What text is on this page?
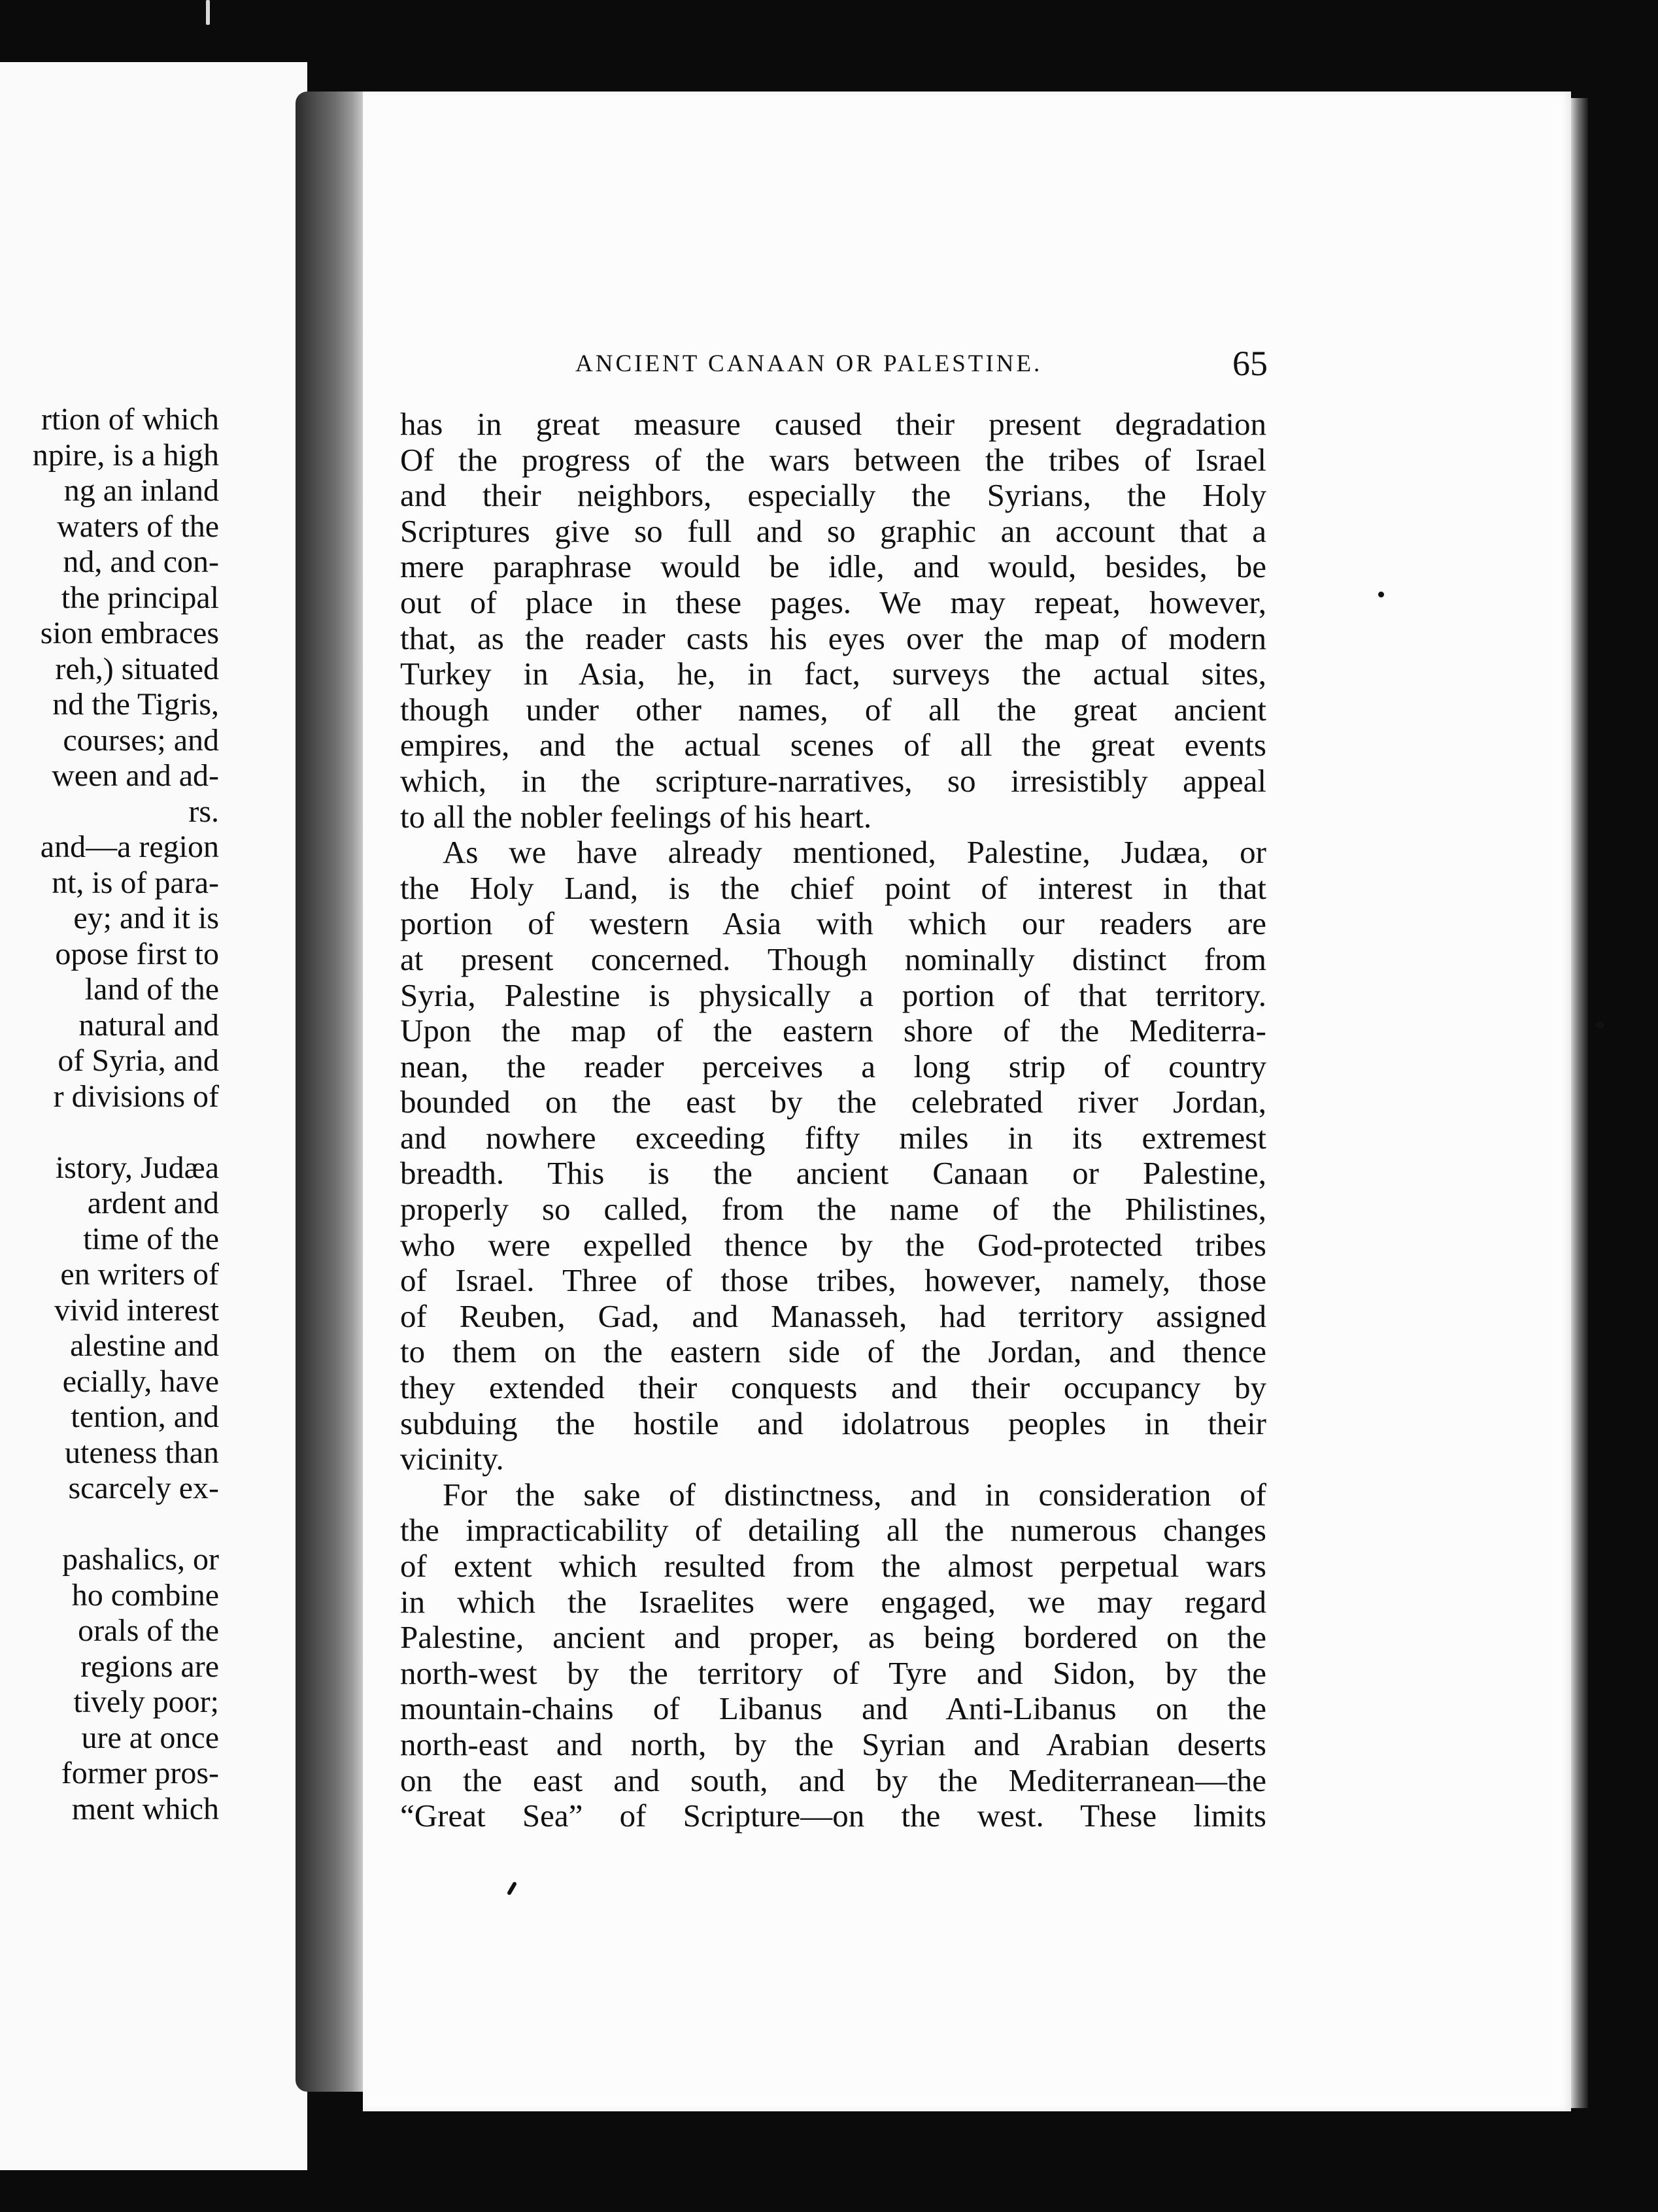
rtion of which
npire, is a high
ng an inland
waters of the
nd, and con-
the principal
sion embraces
reh,) situated
nd the Tigris,
courses; and
ween and ad-
rs.
and—a region
nt, is of para-
ey; and it is
opose first to
land of the
natural and
of Syria, and
r divisions of
istory, Judæa
ardent and
time of the
en writers of
vivid interest
alestine and
ecially, have
tention, and
uteness than
scarcely ex-
pashalics, or
ho combine
orals of the
regions are
tively poor;
ure at once
former pros-
ment which
ANCIENT CANAAN OR PALESTINE.	65
has in great measure caused their present degradation
Of the progress of the wars between the tribes of Israel
and their neighbors, especially the Syrians, the Holy
Scriptures give so full and so graphic an account that a
mere paraphrase would be idle, and would, besides, be
out of place in these pages. We may repeat, however,
that, as the reader casts his eyes over the map of modern
Turkey in Asia, he, in fact, surveys the actual sites,
though under other names, of all the great ancient
empires, and the actual scenes of all the great events
which, in the scripture-narratives, so irresistibly appeal
to all the nobler feelings of his heart.
As we have already mentioned, Palestine, Judæa, or
the Holy Land, is the chief point of interest in that
portion of western Asia with which our readers are
at present concerned. Though nominally distinct from
Syria, Palestine is physically a portion of that territory.
Upon the map of the eastern shore of the Mediterra-
nean, the reader perceives a long strip of country
bounded on the east by the celebrated river Jordan,
and nowhere exceeding fifty miles in its extremest
breadth. This is the ancient Canaan or Palestine,
properly so called, from the name of the Philistines,
who were expelled thence by the God-protected tribes
of Israel. Three of those tribes, however, namely, those
of Reuben, Gad, and Manasseh, had territory assigned
to them on the eastern side of the Jordan, and thence
they extended their conquests and their occupancy by
subduing the hostile and idolatrous peoples in their
vicinity.
For the sake of distinctness, and in consideration of
the impracticability of detailing all the numerous changes
of extent which resulted from the almost perpetual wars
in which the Israelites were engaged, we may regard
Palestine, ancient and proper, as being bordered on the
north-west by the territory of Tyre and Sidon, by the
mountain-chains of Libanus and Anti-Libanus on the
north-east and north, by the Syrian and Arabian deserts
on the east and south, and by the Mediterranean—the
“Great Sea” of Scripture—on the west. These limits
